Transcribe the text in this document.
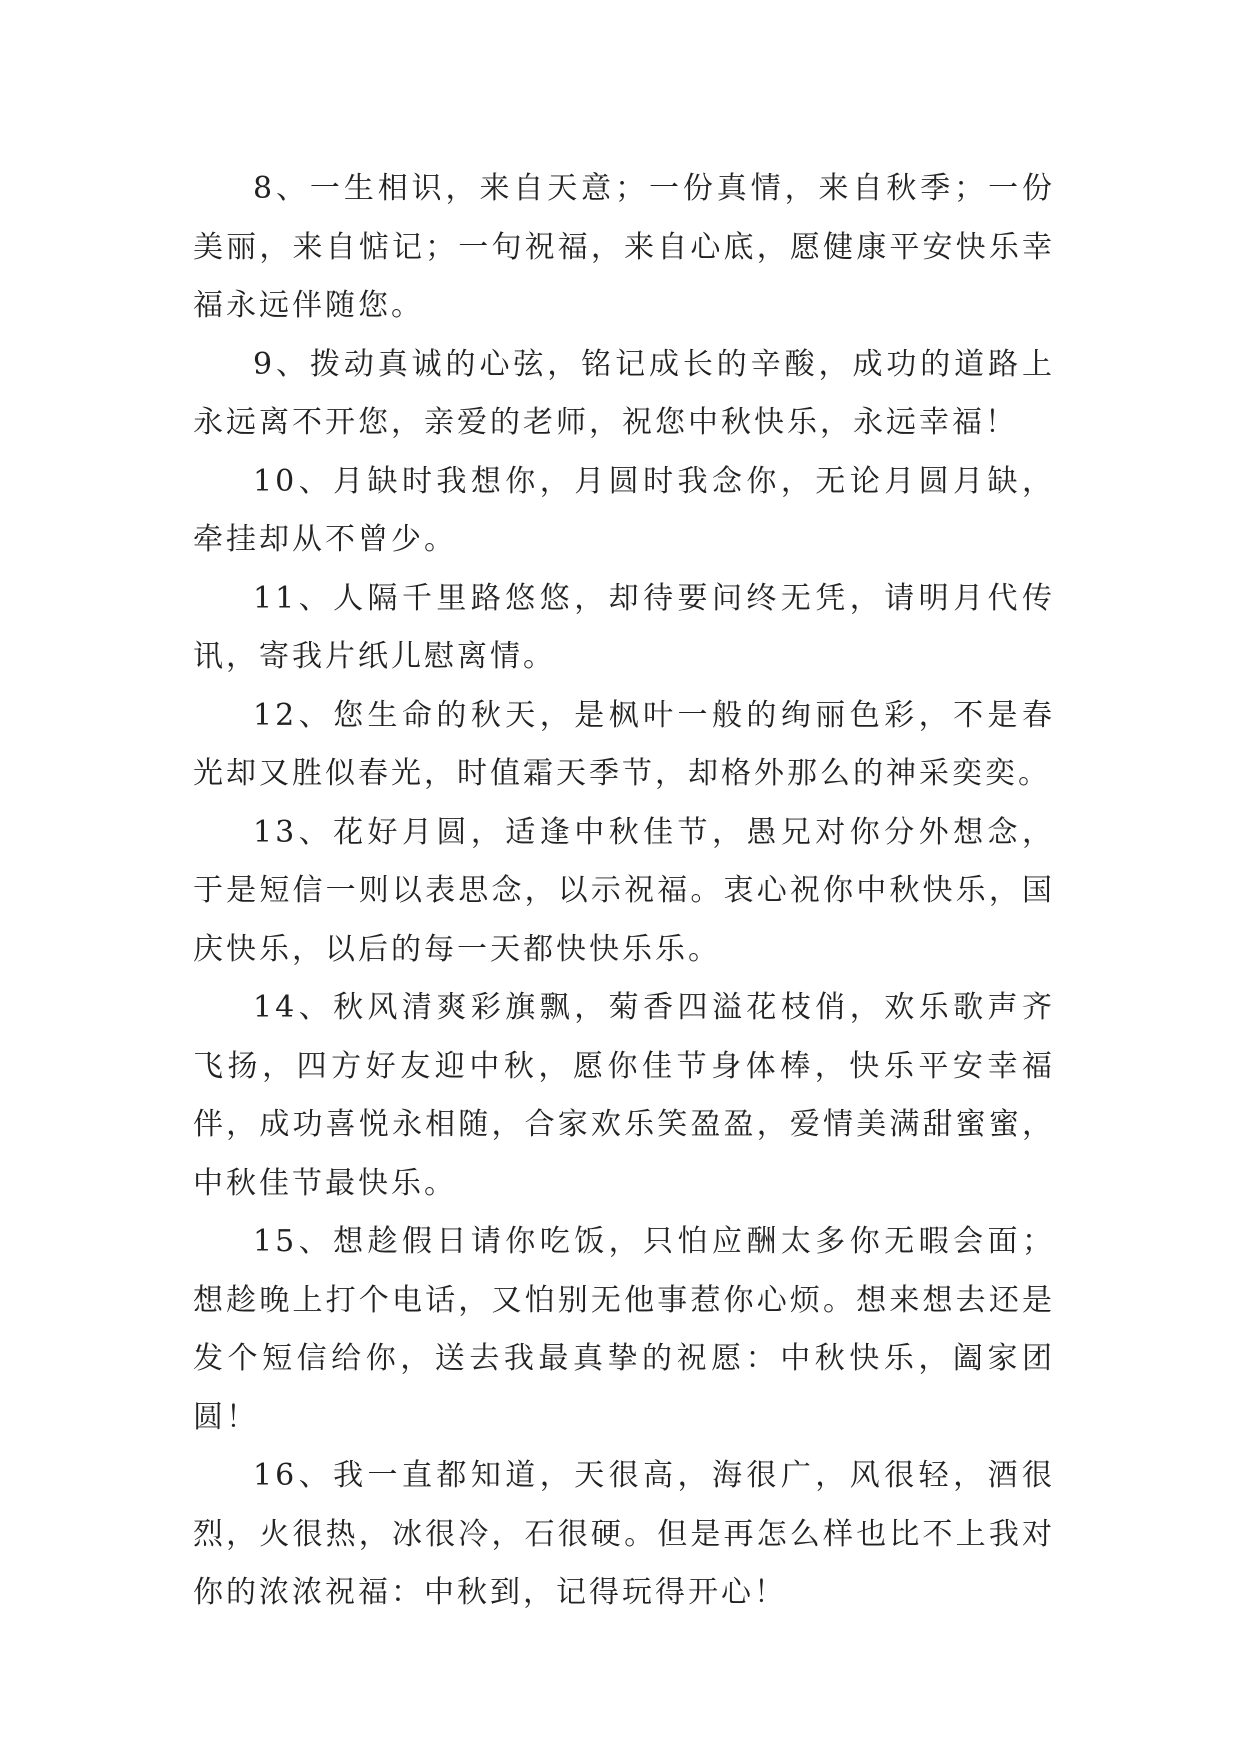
8、一生相识，来自天意；一份真情，来自秋季；一份美丽，来自惦记；一句祝福，来自心底，愿健康平安快乐幸福永远伴随您。

9、拨动真诚的心弦，铭记成长的辛酸，成功的道路上永远离不开您，亲爱的老师，祝您中秋快乐，永远幸福！

10、月缺时我想你，月圆时我念你，无论月圆月缺，牵挂却从不曾少。

11、人隔千里路悠悠，却待要问终无凭，请明月代传讯，寄我片纸儿慰离情。

12、您生命的秋天，是枫叶一般的绚丽色彩，不是春光却又胜似春光，时值霜天季节，却格外那么的神采奕奕。

13、花好月圆，适逢中秋佳节，愚兄对你分外想念，于是短信一则以表思念，以示祝福。衷心祝你中秋快乐，国庆快乐，以后的每一天都快快乐乐。

14、秋风清爽彩旗飘，菊香四溢花枝俏，欢乐歌声齐飞扬，四方好友迎中秋，愿你佳节身体棒，快乐平安幸福伴，成功喜悦永相随，合家欢乐笑盈盈，爱情美满甜蜜蜜，中秋佳节最快乐。

15、想趁假日请你吃饭，只怕应酬太多你无暇会面；想趁晚上打个电话，又怕别无他事惹你心烦。想来想去还是发个短信给你，送去我最真挚的祝愿：中秋快乐，阖家团圆！

16、我一直都知道，天很高，海很广，风很轻，酒很烈，火很热，冰很冷，石很硬。但是再怎么样也比不上我对你的浓浓祝福：中秋到，记得玩得开心！
